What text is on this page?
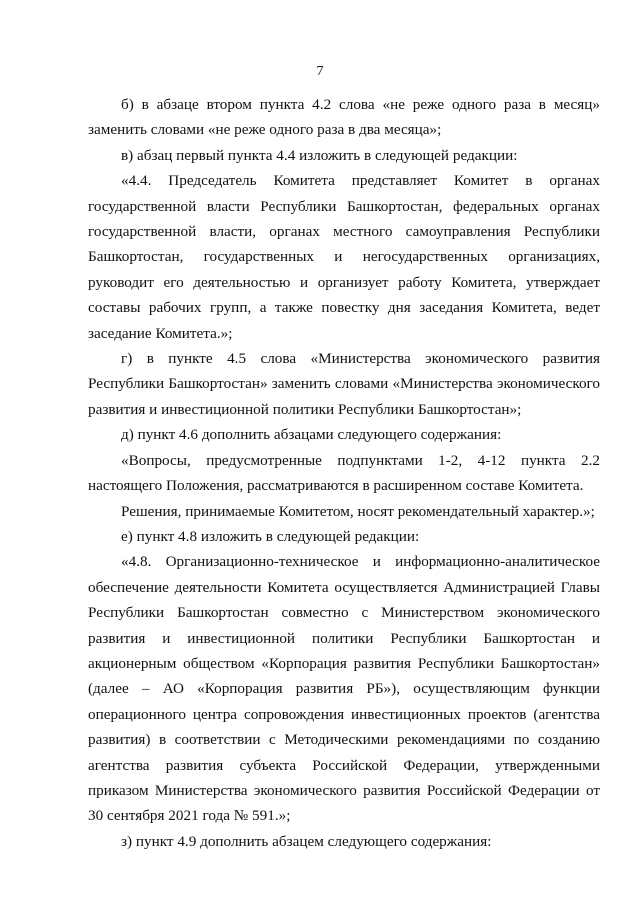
7

б) в абзаце втором пункта 4.2 слова «не реже одного раза в месяц» заменить словами «не реже одного раза в два месяца»;

в) абзац первый пункта 4.4 изложить в следующей редакции:

«4.4. Председатель Комитета представляет Комитет в органах государственной власти Республики Башкортостан, федеральных органах государственной власти, органах местного самоуправления Республики Башкортостан, государственных и негосударственных организациях, руководит его деятельностью и организует работу Комитета, утверждает составы рабочих групп, а также повестку дня заседания Комитета, ведет заседание Комитета.»;

г) в пункте 4.5 слова «Министерства экономического развития Республики Башкортостан» заменить словами «Министерства экономического развития и инвестиционной политики Республики Башкортостан»;

д) пункт 4.6 дополнить абзацами следующего содержания:

«Вопросы, предусмотренные подпунктами 1-2, 4-12 пункта 2.2 настоящего Положения, рассматриваются в расширенном составе Комитета.

Решения, принимаемые Комитетом, носят рекомендательный характер.»;

е) пункт 4.8 изложить в следующей редакции:

«4.8. Организационно-техническое и информационно-аналитическое обеспечение деятельности Комитета осуществляется Администрацией Главы Республики Башкортостан совместно с Министерством экономического развития и инвестиционной политики Республики Башкортостан и акционерным обществом «Корпорация развития Республики Башкортостан» (далее – АО «Корпорация развития РБ»), осуществляющим функции операционного центра сопровождения инвестиционных проектов (агентства развития) в соответствии с Методическими рекомендациями по созданию агентства развития субъекта Российской Федерации, утвержденными приказом Министерства экономического развития Российской Федерации от 30 сентября 2021 года № 591.»;

з) пункт 4.9 дополнить абзацем следующего содержания:
